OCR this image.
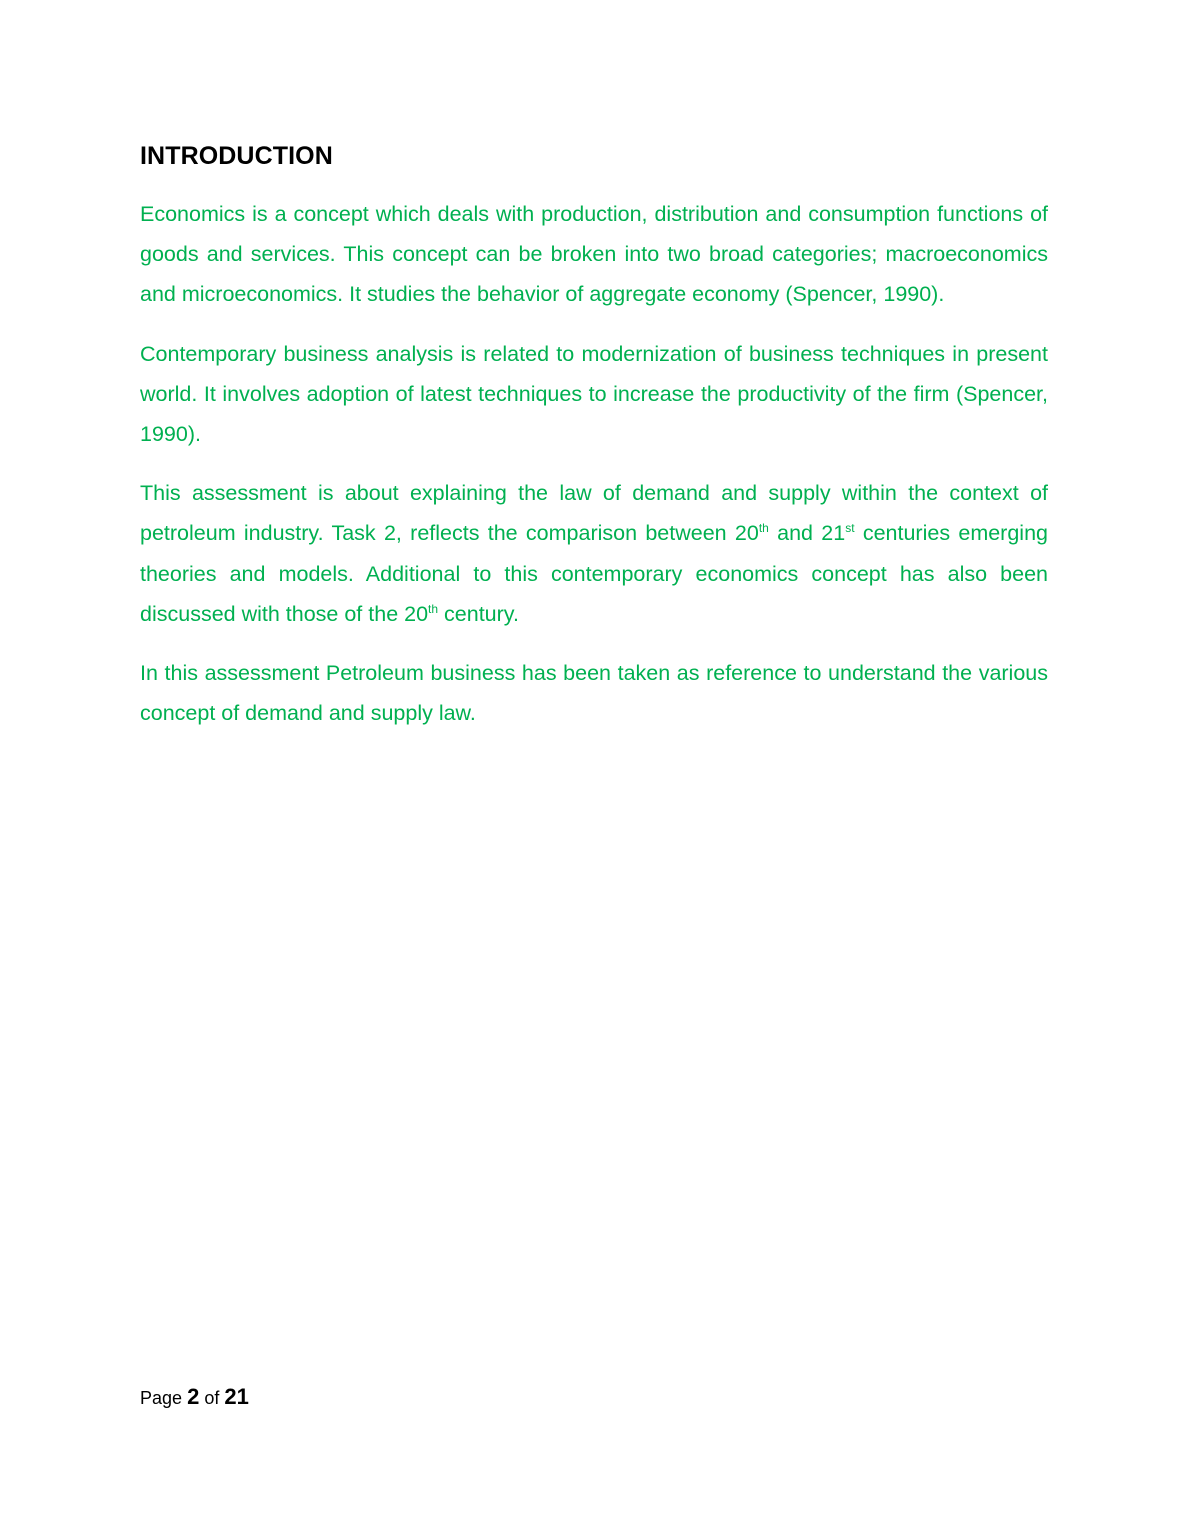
INTRODUCTION

Economics is a concept which deals with production, distribution and consumption functions of goods and services. This concept can be broken into two broad categories; macroeconomics and microeconomics. It studies the behavior of aggregate economy (Spencer, 1990).

Contemporary business analysis is related to modernization of business techniques in present world. It involves adoption of latest techniques to increase the productivity of the firm (Spencer, 1990).

This assessment is about explaining the law of demand and supply within the context of petroleum industry. Task 2, reflects the comparison between 20th and 21st centuries emerging theories and models. Additional to this contemporary economics concept has also been discussed with those of the 20th century.

In this assessment Petroleum business has been taken as reference to understand the various concept of demand and supply law.

Page 2 of 21
